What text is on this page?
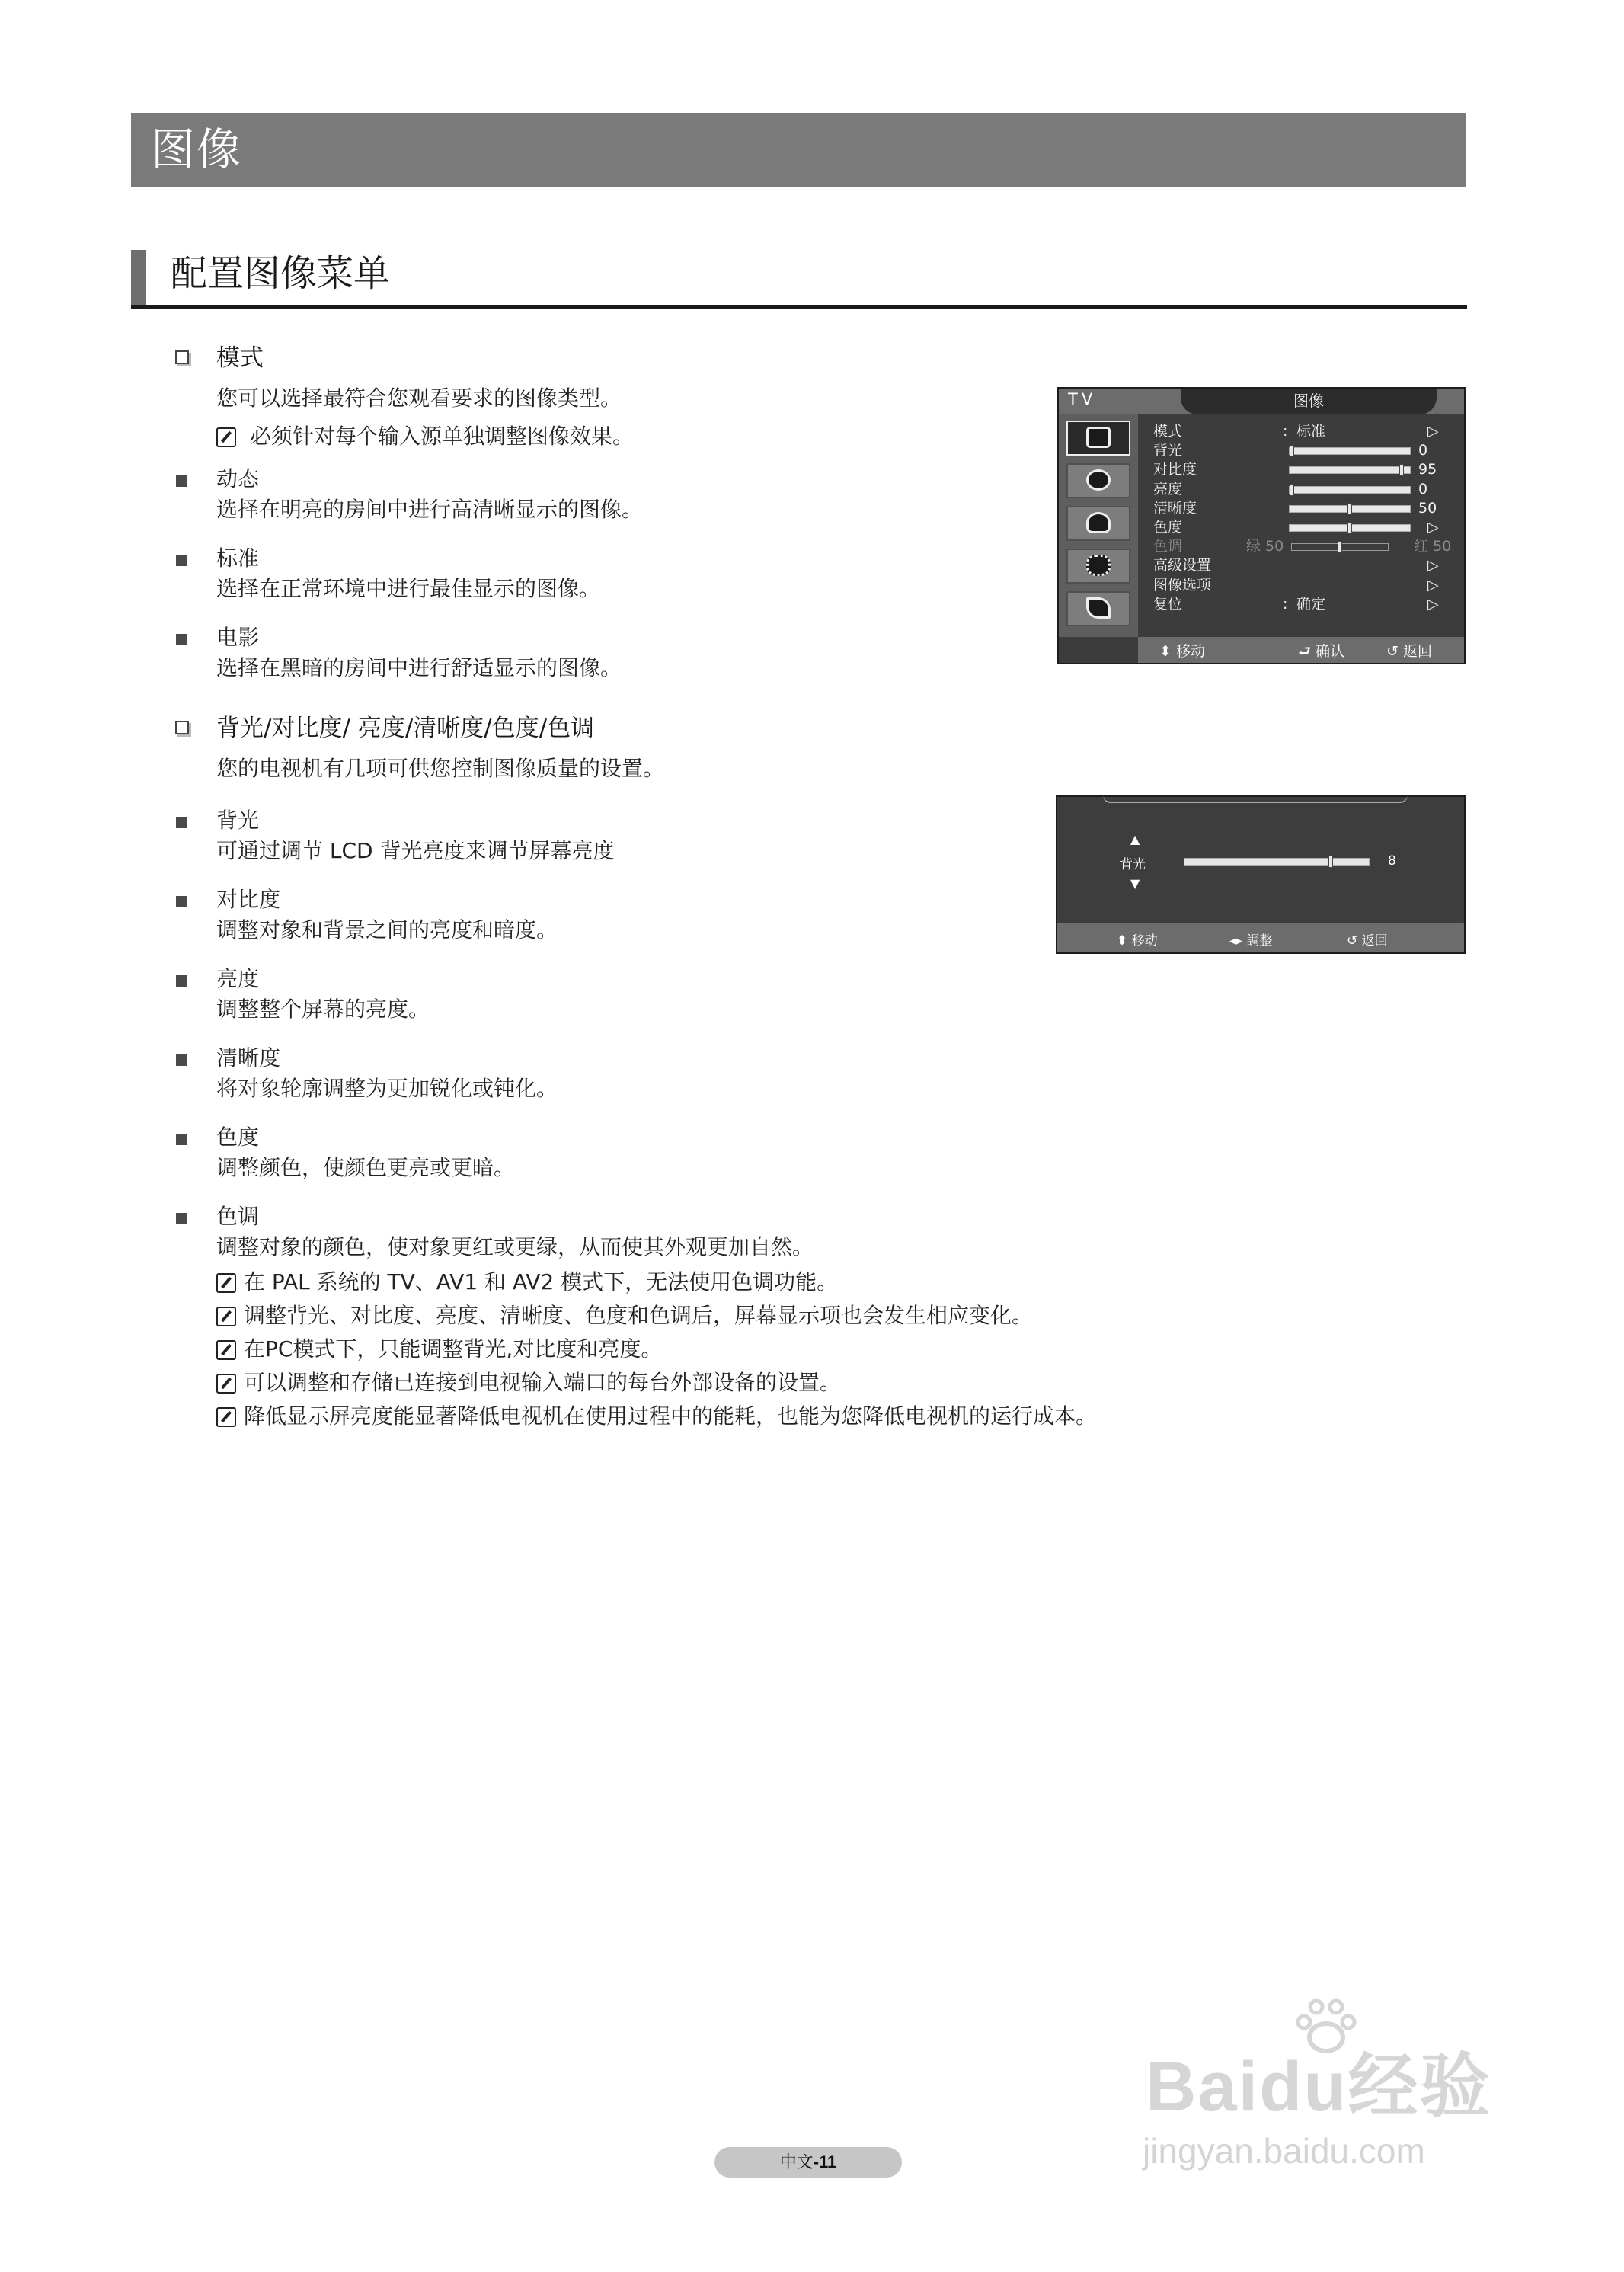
图像
配置图像菜单
模式
您可以选择最符合您观看要求的图像类型。
必须针对每个输入源单独调整图像效果。
动态
选择在明亮的房间中进行高清晰显示的图像。
标准
选择在正常环境中进行最佳显示的图像。
电影
选择在黑暗的房间中进行舒适显示的图像。
背光/对比度/ 亮度/清晰度/色度/色调
您的电视机有几项可供您控制图像质量的设置。
背光
可通过调节 LCD 背光亮度来调节屏幕亮度
对比度
调整对象和背景之间的亮度和暗度。
亮度
调整整个屏幕的亮度。
清晰度
将对象轮廓调整为更加锐化或钝化。
色度
调整颜色，使颜色更亮或更暗。
色调
调整对象的颜色，使对象更红或更绿，从而使其外观更加自然。
在 PAL 系统的 TV、AV1 和 AV2 模式下，无法使用色调功能。
调整背光、对比度、亮度、清晰度、色度和色调后，屏幕显示项也会发生相应变化。
在PC模式下，只能调整背光,对比度和亮度。
可以调整和存储已连接到电视输入端口的每台外部设备的设置。
降低显示屏亮度能显著降低电视机在使用过程中的能耗，也能为您降低电视机的运行成本。
TV	图像
⬍ 移动	⮐ 确认	↺ 返回
模式	: 标准	▷
背光	0
对比度	95
亮度	0
清晰度	50
色度	▷
色调	绿 50	红 50
高级设置	▷
图像选项	▷
复位	: 确定	▷
▲
▼
背光	8
⬍ 移动	◂▸ 調整	↺ 返回
中文-11
Baidu经验
jingyan.baidu.com
